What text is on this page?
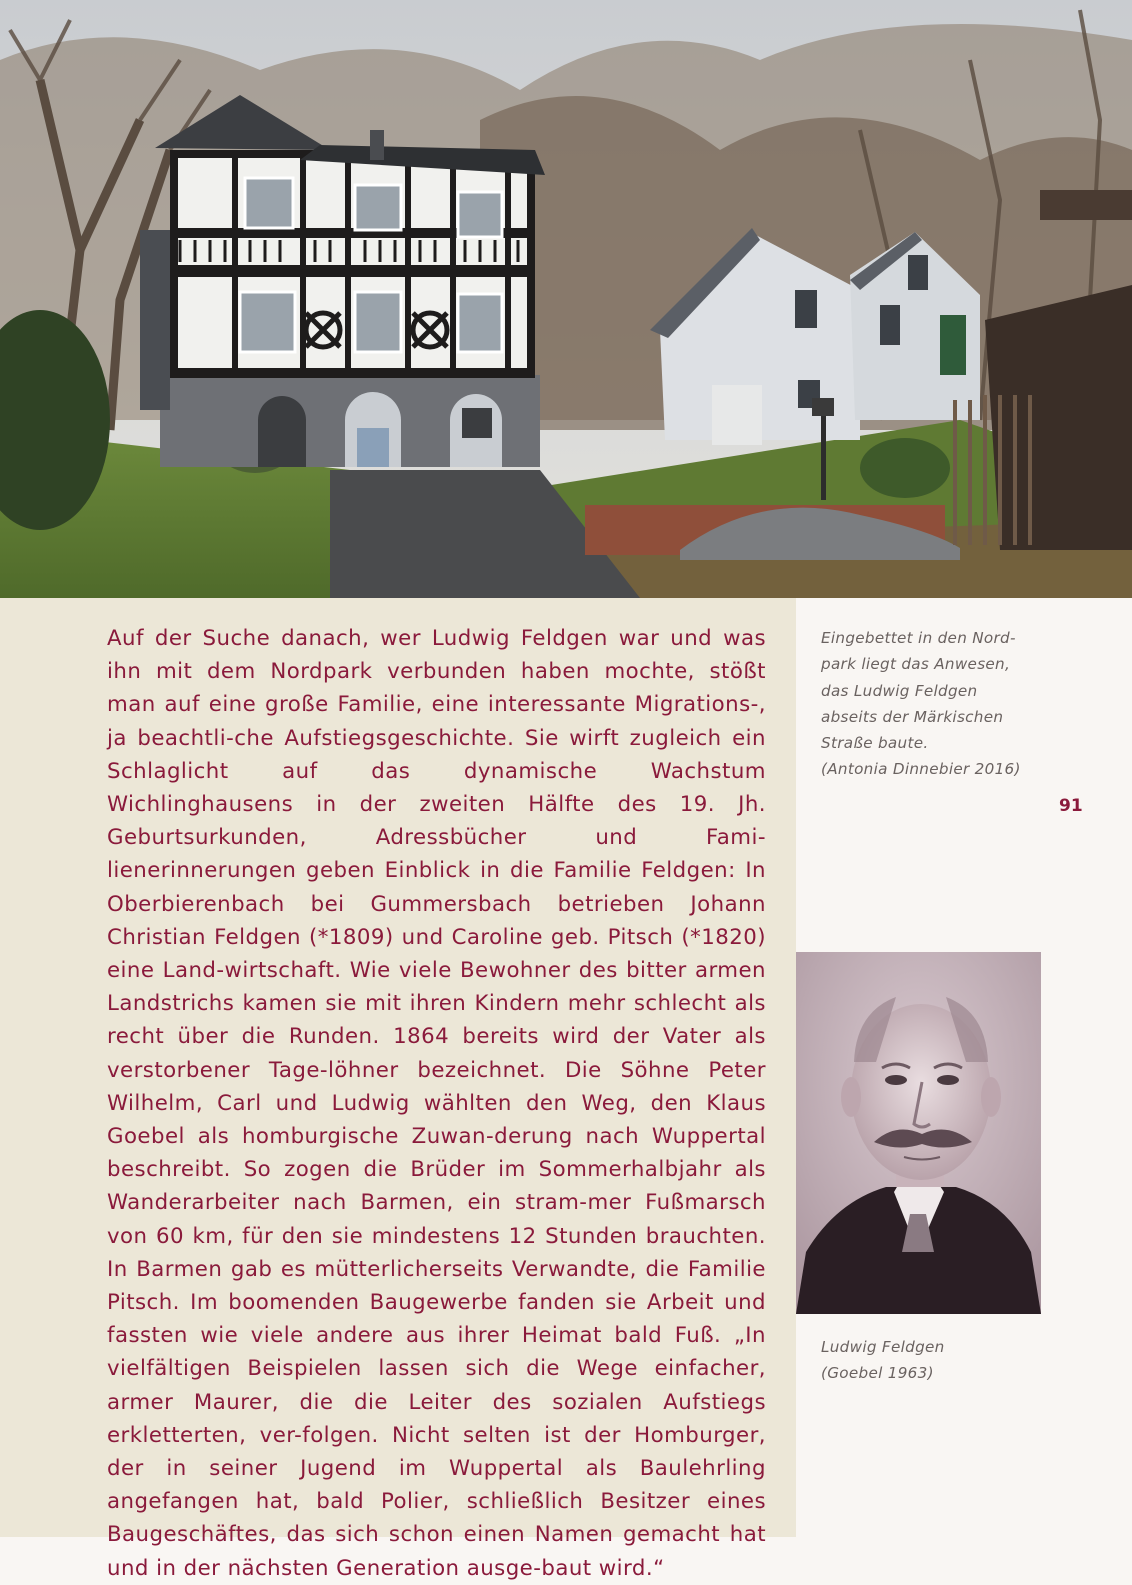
Auf der Suche danach, wer Ludwig Feldgen war und was ihn mit dem Nordpark verbunden haben mochte, stößt man auf eine große Familie, eine interessante Migrations-, ja beachtli-che Aufstiegsgeschichte. Sie wirft zugleich ein Schlaglicht auf	das dynamische Wachstum Wichlinghausens in der zweiten Hälfte des 19. Jh. Geburtsurkunden, Adressbücher und Fami-lienerinnerungen geben Einblick in die Familie Feldgen: In Oberbierenbach bei Gummersbach betrieben Johann Christian Feldgen (*1809) und Caroline geb. Pitsch (*1820) eine Land-wirtschaft. Wie viele Bewohner des bitter armen Landstrichs kamen sie mit ihren Kindern mehr schlecht als recht über die Runden. 1864 bereits wird der Vater als verstorbener Tage-löhner bezeichnet. Die Söhne Peter Wilhelm, Carl und Ludwig wählten den Weg, den Klaus Goebel als homburgische Zuwan-derung nach Wuppertal beschreibt. So zogen die Brüder im Sommerhalbjahr als Wanderarbeiter nach Barmen, ein stram-mer Fußmarsch von 60 km, für den sie mindestens 12 Stunden brauchten. In Barmen gab es mütterlicherseits Verwandte, die Familie Pitsch. Im boomenden Baugewerbe fanden sie Arbeit und fassten wie viele andere aus ihrer Heimat bald Fuß. „In vielfältigen Beispielen lassen sich die Wege einfacher, armer Maurer, die die Leiter des sozialen Aufstiegs erkletterten, ver-folgen. Nicht selten ist der Homburger, der in seiner Jugend im Wuppertal als Baulehrling angefangen hat, bald Polier, schließlich Besitzer eines Baugeschäftes, das sich schon einen Namen gemacht hat und in der nächsten Generation ausge-baut wird.“

Eingebettet in den Nord-
park liegt das Anwesen,
das Ludwig Feldgen
abseits der Märkischen
Straße baute.
(Antonia Dinnebier 2016)

91

Ludwig Feldgen
(Goebel 1963)
